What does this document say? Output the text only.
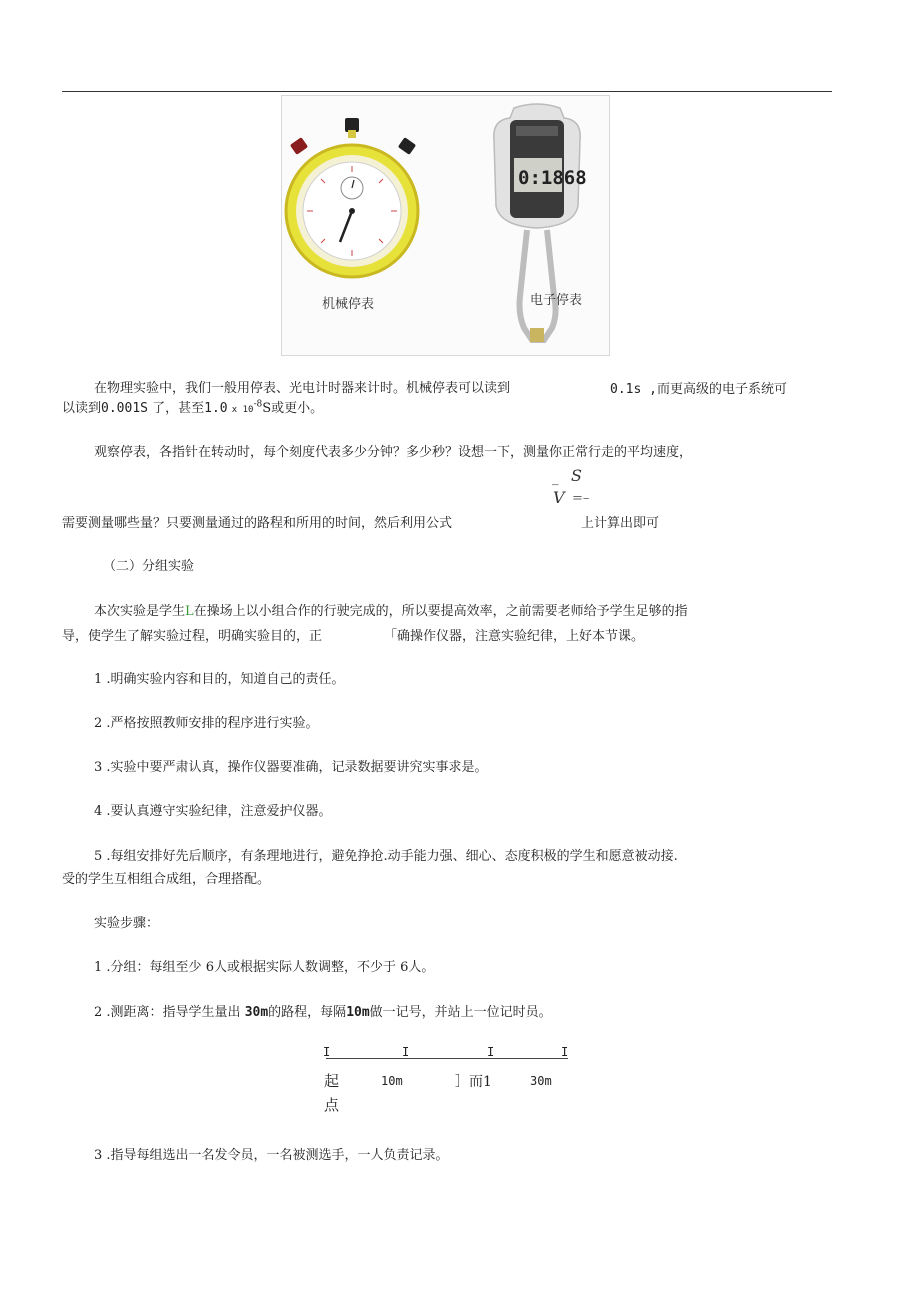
机械停表
0:1868
电子停表
在物理实验中，我们一般用停表、光电计时器来计时。机械停表可以读到	0.1s ,而更高级的电子系统可
以读到0.001S 了，甚至1.0 x $10^{-8}S$或更小。
观察停表，各指针在转动时，每个刻度代表多少分钟？多少秒？设想一下，测量你正常行走的平均速度，
_ S
V =–
需要测量哪些量？只要测量通过的路程和所用的时间，然后利用公式	上计算出即可
（二）分组实验
本次实验是学生L在操场上以小组合作的行驶完成的，所以要提高效率，之前需要老师给予学生足够的指
导，使学生了解实验过程，明确实验目的，正	「确操作仪器，注意实验纪律，上好本节课。
1 .明确实验内容和目的，知道自己的责任。
2 .严格按照教师安排的程序进行实验。
3 .实验中要严肃认真，操作仪器要准确，记录数据要讲究实事求是。
4 .要认真遵守实验纪律，注意爱护仪器。
5 .每组安排好先后顺序，有条理地进行，避免挣抢.动手能力强、细心、态度积极的学生和愿意被动接.
受的学生互相组合成组，合理搭配。
实验步骤：
1 .分组：每组至少 6人或根据实际人数调整，不少于 6人。
2 .测距离：指导学生量出 30m的路程，每隔10m做一记号，并站上一位记时员。
I	I	I	I
起
点
10m	］而1	30m
3 .指导每组选出一名发令员，一名被测选手，一人负责记录。
